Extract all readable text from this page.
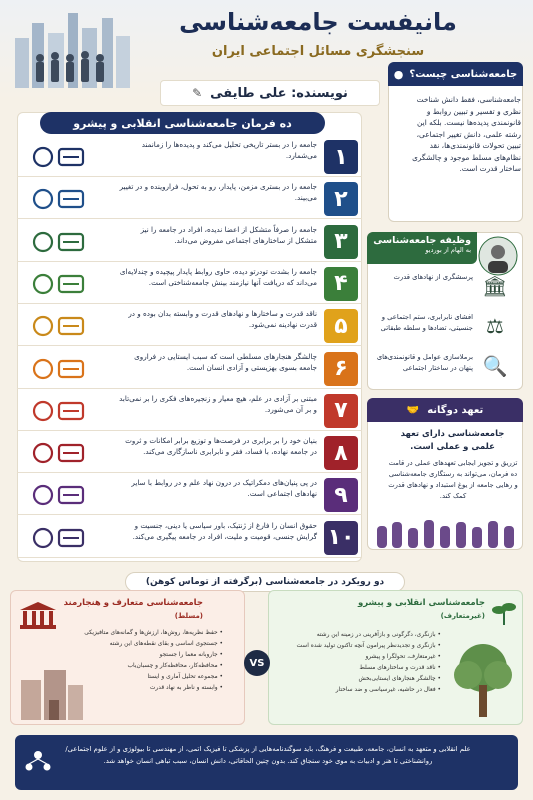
مانیفست جامعه‌شناسی
سنجشگری مسائل اجتماعی ایران
نویسنده: علی طایفی
✎
ده فرمان جامعه‌شناسی انقلابی و پیشرو
۱
جامعه را در بستر تاریخی تحلیل می‌کند و پدیده‌ها را زمانمند می‌شمارد.
۲
جامعه را در بستری مزمن، پایدار، رو به تحول، فراروینده و در تغییر می‌بیند.
۳
جامعه را صرفاً متشکل از اعضا ندیده، افراد در جامعه را نیز متشکل از ساختارهای اجتماعی مفروض می‌داند.
۴
جامعه را بشدت تودرتو دیده، حاوی روابط پایدار پیچیده و چندلایه‌ای می‌داند که دریافت آنها نیازمند بینش جامعه‌شناختی است.
۵
ناقد قدرت و ساختارها و نهادهای قدرت و وابسته بدان بوده و در قدرت نهادینه نمی‌شود.
۶
چالشگر هنجارهای مسلطی است که سبب ایستایی در فراروی جامعه بسوی بهزیستی و آزادی انسان است.
۷
مبتنی بر آزادی در علم، هیچ معیار و زنجیره‌های فکری را بر نمی‌تابد و بر آن می‌شورد.
۸
بنیان خود را بر برابری در فرصت‌ها و توزیع برابر امکانات و ثروت در جامعه نهاده، با فساد، فقر و نابرابری ناسازگاری می‌کند.
۹
در پی پنیان‌های دمکراتیک در درون نهاد علم و در روابط با سایر نهادهای اجتماعی است.
۱۰
حقوق انسان را فارغ از ژنتیک، باور سیاسی یا دینی، جنسیت و گرایش جنسی، قومیت و ملیت، افراد در جامعه پیگیری می‌کند.
جامعه‌شناسی چیست؟
●
جامعه‌شناسی، فقط دانش شناخت نظری و تفسیر و تبیین روابط و قانونمندی پدیده‌ها نیست. بلکه این رشته علمی، دانش تغییر اجتماعی، تبیین تحولات قانونمندی‌ها، نقد نظام‌های مسلط موجود و چالشگری ساختار قدرت است.
وظیفه جامعه‌شناسی
به الهام از بوردیو
🏛
پرسشگری از نهادهای قدرت
⚖
افشای نابرابری، ستم اجتماعی و جنسیتی، تضادها و سلطه طبقاتی
🔍
برملاسازی عوامل و قانونمندی‌های پنهان در ساختار اجتماعی
تعهد دوگانه
🤝
جامعه‌شناسی دارای تعهد علمی و عملی است.
تزریق و تجویز ایجابی تعهدهای عملی در قامت ده فرمان، می‌تواند به رستگاری جامعه‌شناسی و رهایی جامعه از یوغ استبداد و نهادهای قدرت کمک کند.
دو رویکرد در جامعه‌شناسی (برگرفته از توماس کوهن)
VS
جامعه‌شناسی متعارف و هنجارمند
(مسلط)
• حفظ نظریه‌ها، روش‌ها، ارزش‌ها و گمانه‌های متافیزیکی
• جستجوی اساسی و بقای نقطه‌های این رشته
• جاروبانه معما را جستجو
• محافظه‌کار، محافظه‌کار و چسبان‌یاب
• مجموعه تحلیل آماری و ایستا
• وابسته و ناظر به نهاد قدرت
جامعه‌شناسی انقلابی و پیشرو
(غیرمتعارف)
• بازنگری، دگرگونی و بازآفرینی در زمینه این رشته
• بازنگری و تجدیدنظر پیرامون آنچه تاکنون تولید شده است
• غیرمتعارف، تحولگرا و پیشرو
• ناقد قدرت و ساختارهای مسلط
• چالشگر هنجارهای ایستایی‌بخش
• فعال در حاشیه، غیرسیاسی و ضد ساختار
علم انقلابی و متعهد به انسان، جامعه، طبیعت و فرهنگ، باید سوگندنامه‌هایی از پزشکی تا فیزیک اتمی، از مهندسی تا بیولوژی و از علوم اجتماعی/روانشناختی تا هنر و ادبیات به موی خود سنجاق کند. بدون چنین الحاقاتی، دانش انسان، سبب تباهی انسان خواهد شد.
